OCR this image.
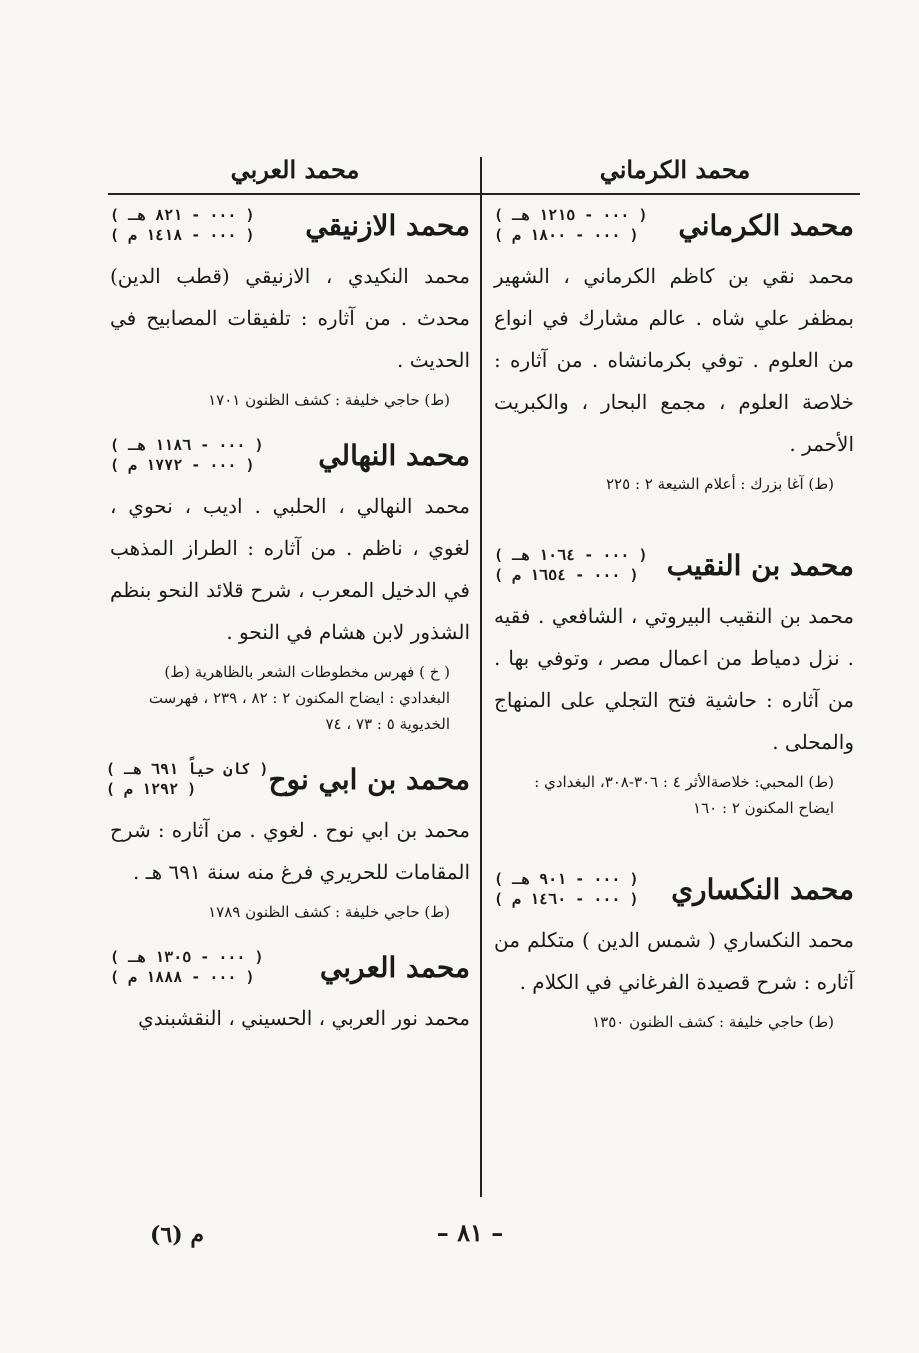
محمد الكرماني
محمد العربي
محمد الكرماني
( ٠٠٠ - ١٢١٥ هـ )
( ٠٠٠ - ١٨٠٠ م )

محمد نقي بن كاظم الكرماني ، الشهير بمظفر علي شاه . عالم مشارك في انواع من العلوم . توفي بكرمانشاه . من آثاره : خلاصة العلوم ، مجمع البحار ، والكبريت الأحمر .

(ط) آغا بزرك : أعلام الشيعة ٢ : ٢٢٥

محمد بن النقيب
( ٠٠٠ - ١٠٦٤ هـ )
( ٠٠٠ - ١٦٥٤ م )

محمد بن النقيب البيروتي ، الشافعي . فقيه . نزل دمياط من اعمال مصر ، وتوفي بها . من آثاره : حاشية فتح التجلي على المنهاج والمحلى .

(ط) المحبي: خلاصةالأثر ٤ : ٣٠٦-٣٠٨، البغدادي : ايضاح المكنون ٢ : ١٦٠

محمد النكساري
( ٠٠٠ - ٩٠١ هـ )
( ٠٠٠ - ١٤٦٠ م )

محمد النكساري ( شمس الدين ) متكلم من آثاره : شرح قصيدة الفرغاني في الكلام .

(ط) حاجي خليفة : كشف الظنون ١٣٥٠

محمد الازنيقي
( ٠٠٠ - ٨٢١ هـ )
( ٠٠٠ - ١٤١٨ م )

محمد النكيدي ، الازنيقي (قطب الدين) محدث . من آثاره : تلفيقات المصابيح في الحديث .

(ط) حاجي خليفة : كشف الظنون ١٧٠١

محمد النهالي
( ٠٠٠ - ١١٨٦ هـ )
( ٠٠٠ - ١٧٧٢ م )

محمد النهالي ، الحلبي . اديب ، نحوي ، لغوي ، ناظم . من آثاره : الطراز المذهب في الدخيل المعرب ، شرح قلائد النحو بنظم الشذور لابن هشام في النحو .

( خ ) فهرس مخطوطات الشعر بالظاهرية (ط) البغدادي : ايضاح المكنون ٢ : ٨٢ ، ٢٣٩ ، فهرست الخديوية ٥ : ٧٣ ، ٧٤

محمد بن ابي نوح
( كان حياً ٦٩١ هـ )
( ١٢٩٢ م )

محمد بن ابي نوح . لغوي . من آثاره : شرح المقامات للحريري فرغ منه سنة ٦٩١ هـ .

(ط) حاجي خليفة : كشف الظنون ١٧٨٩

محمد العربي
( ٠٠٠ - ١٣٠٥ هـ )
( ٠٠٠ - ١٨٨٨ م )

محمد نور العربي ، الحسيني ، النقشبندي

– ٨١ –
م (٦)
